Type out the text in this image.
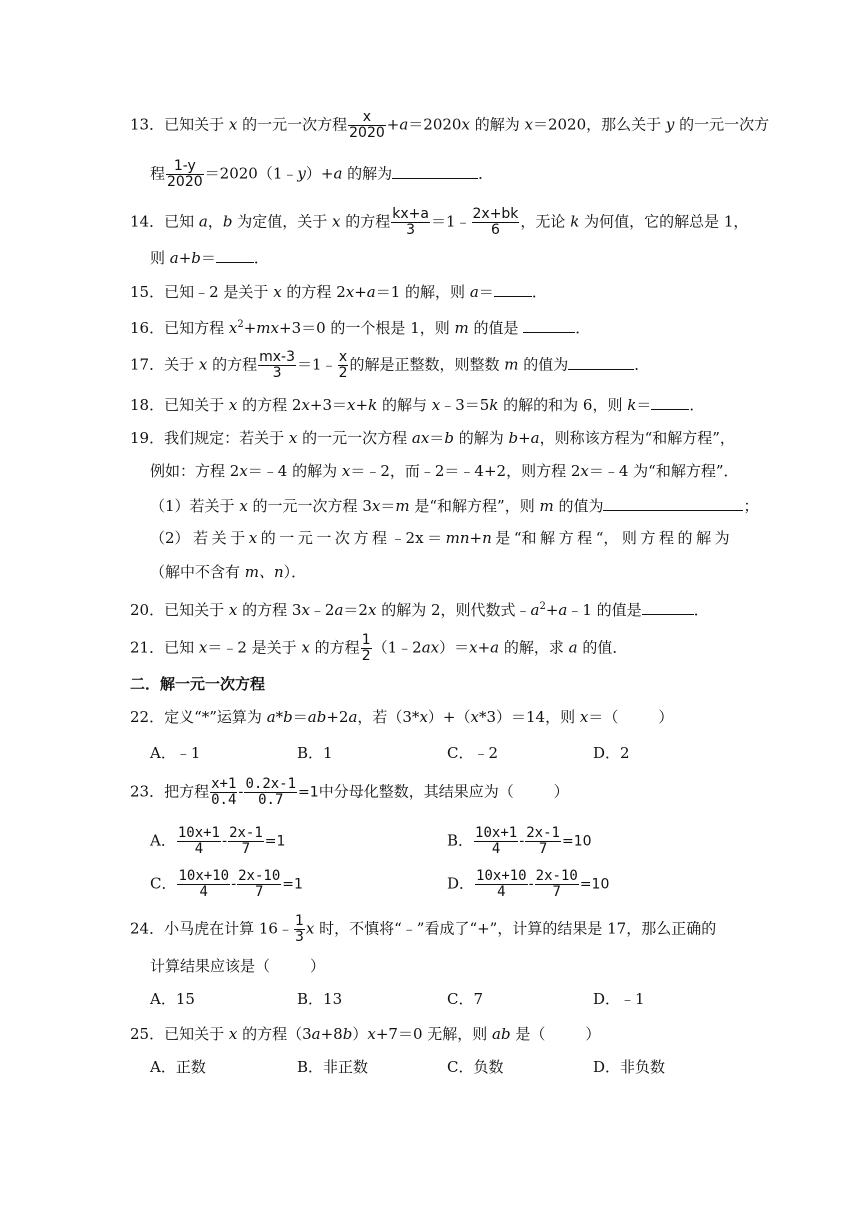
13．已知关于 x 的一元一次方程 $\frac{x}{2020} +a=2020x$ 的解为 x＝2020，那么关于 y 的一元一次方
程 $\frac{1-y}{2020}$ ＝2020（1﹣y）+a 的解为	．
14．已知 a，b 为定值，关于 x 的方程 $\frac{kx+a}{3}$ ＝1﹣ $\frac{2x+bk}{6}$ ，无论 k 为何值，它的解总是 1，
则 a+b＝	．
15．已知﹣2 是关于 x 的方程 2x+a＝1 的解，则 a＝	．
16．已知方程 $x^2+mx+3=0$ 的一个根是 1，则 m 的值是	．
17．关于 x 的方程 $\frac{mx-3}{3}$ ＝1﹣ $\frac{x}{2}$ 的解是正整数，则整数 m 的值为	．
18．已知关于 x 的方程 2x+3＝x+k 的解与 x﹣3＝5k 的解的和为 6，则 k＝	．
19．我们规定：若关于 x 的一元一次方程 ax＝b 的解为 b+a，则称该方程为“和解方程”，
例如：方程 2x＝﹣4 的解为 x＝﹣2，而﹣2＝﹣4+2，则方程 2x＝﹣4 为“和解方程”．
（1）若关于 x 的一元一次方程 3x＝m 是“和解方程”，则 m 的值为	；
（2） 若 关 于 x 的 一 元 一 次 方 程 ﹣2x ＝ mn+n 是 “和 解 方 程 “， 则 方 程 的 解 为
（解中不含有 m、n）．
20．已知关于 x 的方程 3x﹣2a＝2x 的解为 2，则代数式$﹣a^2+a﹣1$ 的值是	．
21．已知 x＝﹣2 是关于 x 的方程 $\frac{1}{2}$ （1﹣2ax）＝x+a 的解，求 a 的值．
二．解一元一次方程
22．定义“*”运算为 a*b＝ab+2a，若（3*x）+（x*3）＝14，则 x＝（	）
A．﹣1	B．1	C．﹣2	D．2
23．把方程 $\frac{x+1}{0.4} - \frac{0.2x-1}{0.7} =1$中分母化整数，其结果应为（	）
A． $\frac{10x+1}{4} - \frac{2x-1}{7} =1$	B． $\frac{10x+1}{4} - \frac{2x-1}{7} =10$
C． $\frac{10x+10}{4} - \frac{2x-10}{7} =1$	D． $\frac{10x+10}{4} - \frac{2x-10}{7} =10$
24．小马虎在计算 16﹣ $\frac{1}{3}$ x 时，不慎将“﹣”看成了“+”，计算的结果是 17，那么正确的
计算结果应该是（	）
A．15	B．13	C．7	D．﹣1
25．已知关于 x 的方程（3a+8b）x+7＝0 无解，则 ab 是（	）
A．正数	B．非正数	C．负数	D．非负数
